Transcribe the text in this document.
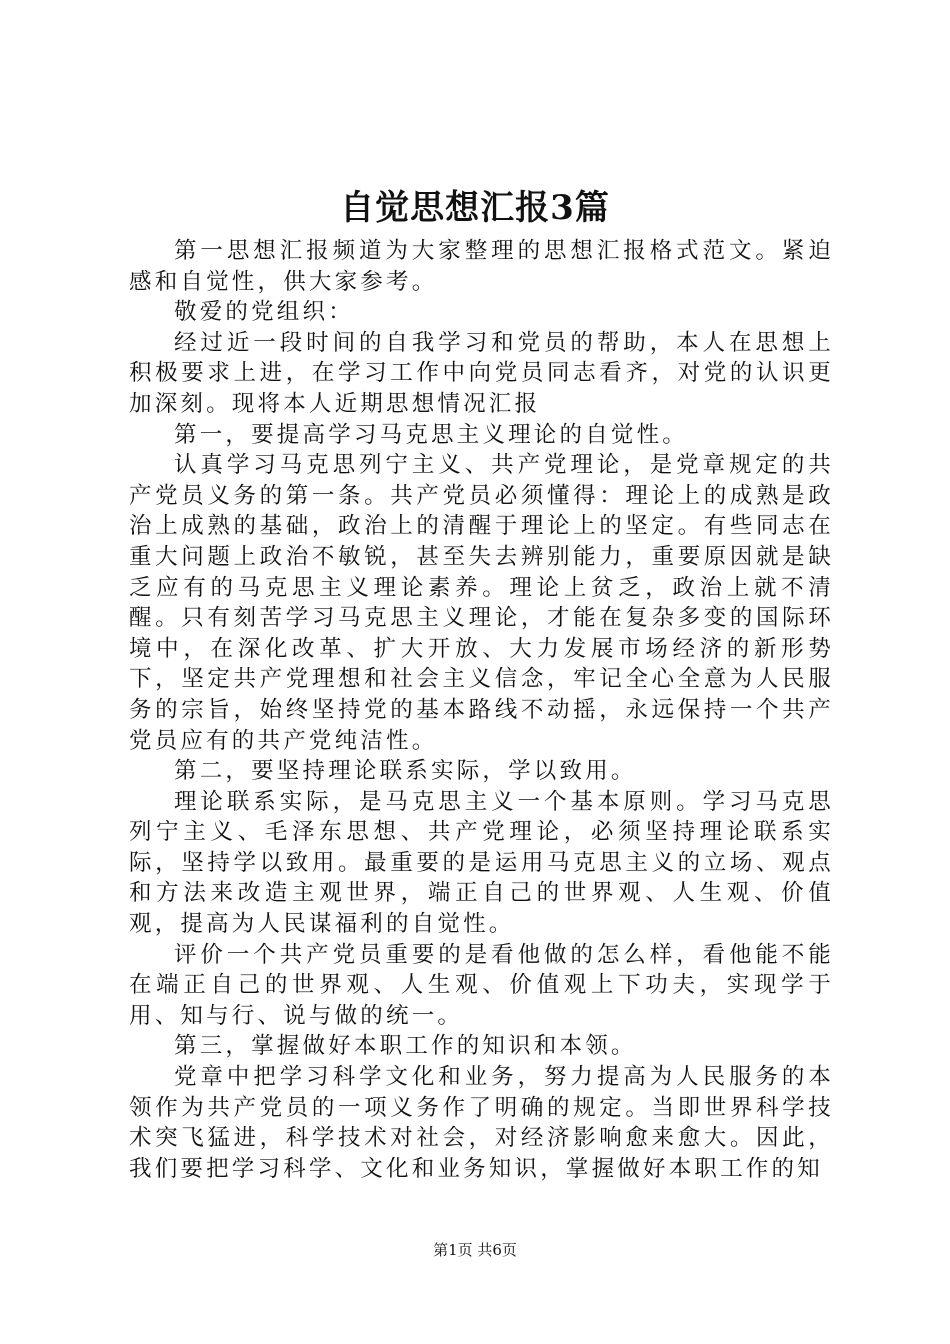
自觉思想汇报3篇

第一思想汇报频道为大家整理的思想汇报格式范文。紧迫感和自觉性，供大家参考。

敬爱的党组织：

经过近一段时间的自我学习和党员的帮助，本人在思想上积极要求上进，在学习工作中向党员同志看齐，对党的认识更加深刻。现将本人近期思想情况汇报

第一，要提高学习马克思主义理论的自觉性。

认真学习马克思列宁主义、共产党理论，是党章规定的共产党员义务的第一条。共产党员必须懂得：理论上的成熟是政治上成熟的基础，政治上的清醒于理论上的坚定。有些同志在重大问题上政治不敏锐，甚至失去辨别能力，重要原因就是缺乏应有的马克思主义理论素养。理论上贫乏，政治上就不清醒。只有刻苦学习马克思主义理论，才能在复杂多变的国际环境中，在深化改革、扩大开放、大力发展市场经济的新形势下，坚定共产党理想和社会主义信念，牢记全心全意为人民服务的宗旨，始终坚持党的基本路线不动摇，永远保持一个共产党员应有的共产党纯洁性。

第二，要坚持理论联系实际，学以致用。

理论联系实际，是马克思主义一个基本原则。学习马克思列宁主义、毛泽东思想、共产党理论，必须坚持理论联系实际，坚持学以致用。最重要的是运用马克思主义的立场、观点和方法来改造主观世界，端正自己的世界观、人生观、价值观，提高为人民谋福利的自觉性。

评价一个共产党员重要的是看他做的怎么样，看他能不能在端正自己的世界观、人生观、价值观上下功夫，实现学于用、知与行、说与做的统一。

第三，掌握做好本职工作的知识和本领。

党章中把学习科学文化和业务，努力提高为人民服务的本领作为共产党员的一项义务作了明确的规定。当即世界科学技术突飞猛进，科学技术对社会，对经济影响愈来愈大。因此，我们要把学习科学、文化和业务知识，掌握做好本职工作的知

第1页 共6页
